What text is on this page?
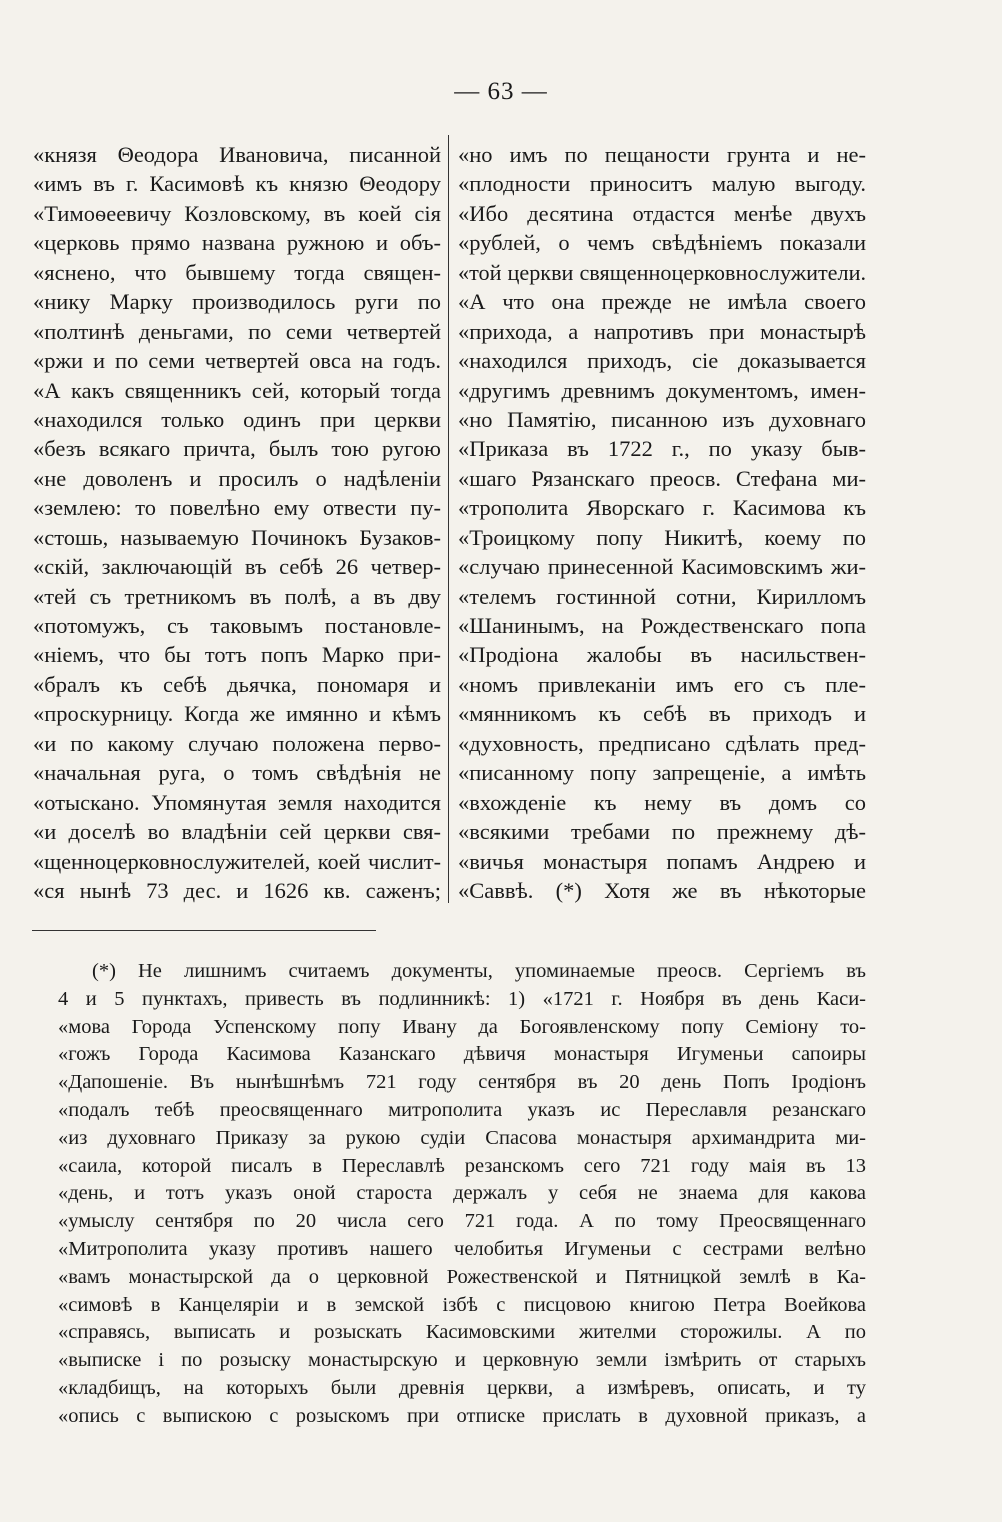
— 63 —
«князя Θеодора Ивановича, писанной
«имъ въ г. Касимовѣ къ князю Θеодору
«Тимоѳеевичу Козловскому, въ коей сія
«церковь прямо названа ружною и объ-
«яснено, что бывшему тогда священ-
«нику Марку производилось руги по
«полтинѣ деньгами, по семи четвертей
«ржи и по семи четвертей овса на годъ.
«А какъ священникъ сей, который тогда
«находился только одинъ при церкви
«безъ всякаго причта, былъ тою ругою
«не доволенъ и просилъ о надѣленіи
«землею: то повелѣно ему отвести пу-
«стошь, называемую Починокъ Бузаков-
«скій, заключающій въ себѣ 26 четвер-
«тей съ третникомъ въ полѣ, а въ дву
«потомужъ, съ таковымъ постановле-
«ніемъ, что бы тотъ попъ Марко при-
«бралъ къ себѣ дьячка, пономаря и
«проскурницу. Когда же имянно и кѣмъ
«и по какому случаю положена перво-
«начальная руга, о томъ свѣдѣнія не
«отыскано. Упомянутая земля находится
«и доселѣ во владѣніи сей церкви свя-
«щенноцерковнослужителей, коей числит-
«ся нынѣ 73 дес. и 1626 кв. саженъ;
«но имъ по пещаности грунта и не-
«плодности приноситъ малую выгоду.
«Ибо десятина отдастся менѣе двухъ
«рублей, о чемъ свѣдѣніемъ показали
«той церкви священноцерковнослужители.
«А что она прежде не имѣла своего
«прихода, а напротивъ при монастырѣ
«находился приходъ, сіе доказывается
«другимъ древнимъ документомъ, имен-
«но Памятію, писанною изъ духовнаго
«Приказа въ 1722 г., по указу быв-
«шаго Рязанскаго преосв. Стефана ми-
«трополита Яворскаго г. Касимова къ
«Троицкому попу Никитѣ, коему по
«случаю принесенной Касимовскимъ жи-
«телемъ гостинной сотни, Кирилломъ
«Шанинымъ, на Рождественскаго попа
«Продіона жалобы въ насильствен-
«номъ привлеканіи имъ его съ пле-
«мянникомъ къ себѣ въ приходъ и
«духовность, предписано сдѣлать пред-
«писанному попу запрещеніе, а имѣть
«вхожденіе къ нему въ домъ со
«всякими требами по прежнему дѣ-
«вичья монастыря попамъ Андрею и
«Саввѣ. (*) Хотя же въ нѣкоторые
(*) Не лишнимъ считаемъ документы, упоминаемые преосв. Сергіемъ въ
4 и 5 пунктахъ, привесть въ подлинникѣ: 1) «1721 г. Ноября въ день Каси-
«мова Города Успенскому попу Ивану да Богоявленскому попу Семіону то-
«гожъ Города Касимова Казанскаго дѣвичя монастыря Игуменьи сапоиры
«Дапошеніе. Въ нынѣшнѣмъ 721 году сентября въ 20 день Попъ Ιродіонъ
«подалъ тебѣ преосвященнаго митрополита указъ ис Переславля резанскаго
«из духовнаго Приказу за рукою судіи Спасова монастыря архимандрита ми-
«саила, которой писалъ в Переславлѣ резанскомъ сего 721 году маія въ 13
«день, и тотъ указъ оной староста держалъ у себя не знаема для какова
«умыслу сентября по 20 числа сего 721 года. А по тому Преосвященнаго
«Митрополита указу противъ нашего челобитья Игуменьи с сестрами велѣно
«вамъ монастырской да о церковной Рожественской и Пятницкой землѣ в Ка-
«симовѣ в Канцеляріи и в земской ізбѣ с писцовою книгою Петра Воейкова
«справясь, выписать и розыскать Касимовскими жителми сторожилы. А по
«выписке і по розыску монастырскую и церковную земли ізмѣрить от старыхъ
«кладбищъ, на которыхъ были древнія церкви, а измѣревъ, описать, и ту
«опись с выпискою с розыскомъ при отписке прислать в духовной приказъ, а
